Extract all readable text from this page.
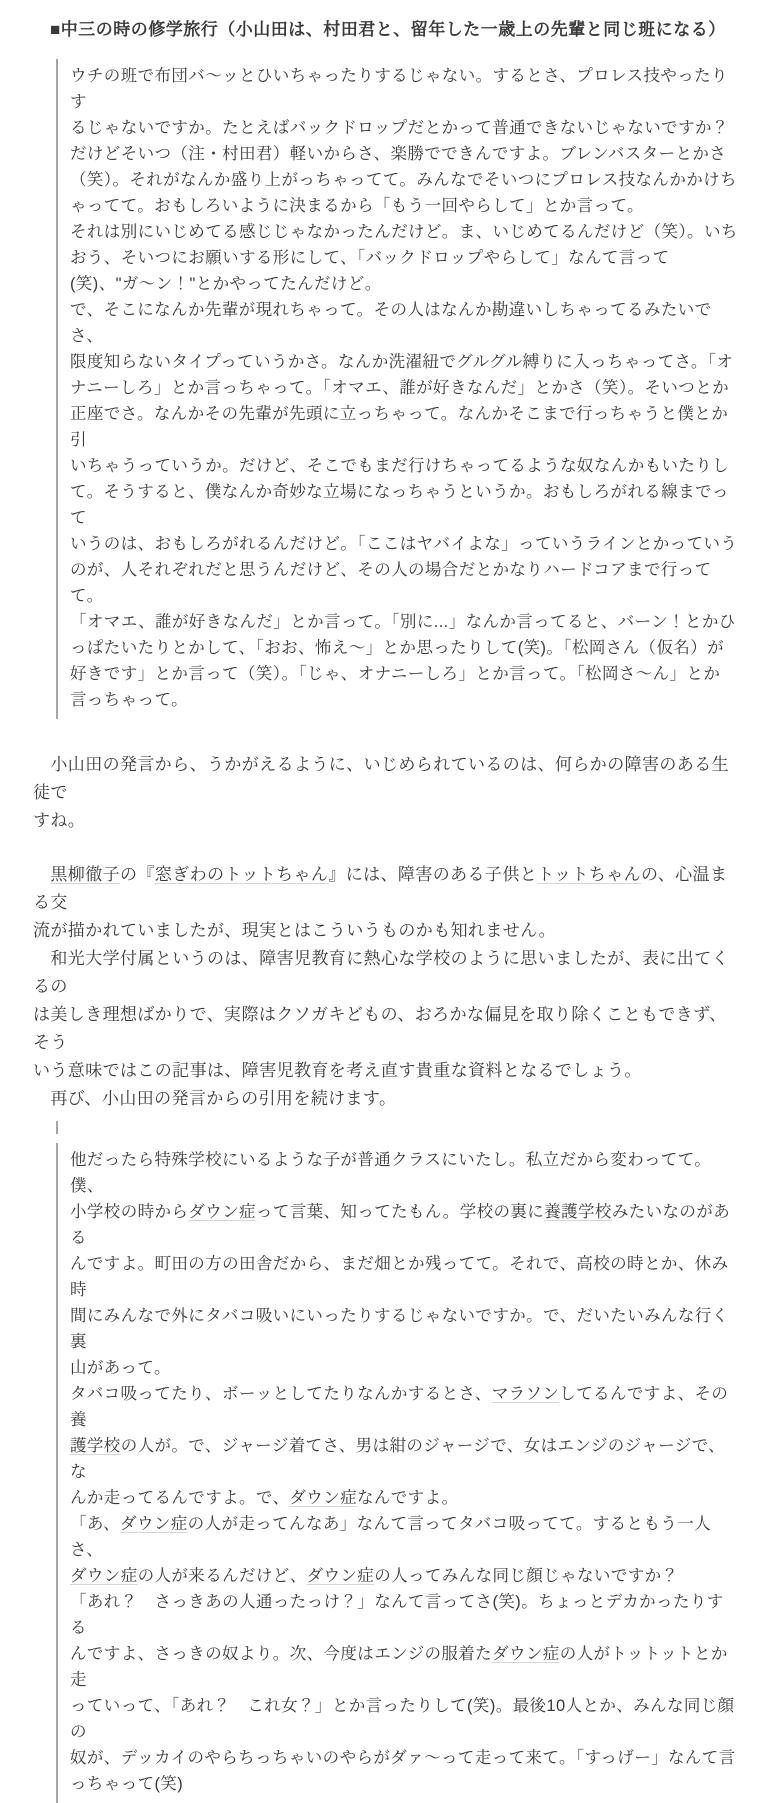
■中三の時の修学旅行（小山田は、村田君と、留年した一歳上の先輩と同じ班になる）
ウチの班で布団バ～ッとひいちゃったりするじゃない。するとさ、プロレス技やったりす
るじゃないですか。たとえばバックドロップだとかって普通できないじゃないですか？
だけどそいつ（注・村田君）軽いからさ、楽勝でできんですよ。ブレンバスターとかさ
（笑）。それがなんか盛り上がっちゃってて。みんなでそいつにプロレス技なんかかけち
ゃってて。おもしろいように決まるから「もう一回やらして」とか言って。
それは別にいじめてる感じじゃなかったんだけど。ま、いじめてるんだけど（笑）。いち
おう、そいつにお願いする形にして、「バックドロップやらして」なんて言って
(笑)、"ガ～ン！"とかやってたんだけど。
で、そこになんか先輩が現れちゃって。その人はなんか勘違いしちゃってるみたいでさ、
限度知らないタイプっていうかさ。なんか洗濯紐でグルグル縛りに入っちゃってさ。「オ
ナニーしろ」とか言っちゃって。「オマエ、誰が好きなんだ」とかさ（笑）。そいつとか
正座でさ。なんかその先輩が先頭に立っちゃって。なんかそこまで行っちゃうと僕とか引
いちゃうっていうか。だけど、そこでもまだ行けちゃってるような奴なんかもいたりし
て。そうすると、僕なんか奇妙な立場になっちゃうというか。おもしろがれる線までって
いうのは、おもしろがれるんだけど。「ここはヤバイよな」っていうラインとかっていう
のが、人それぞれだと思うんだけど、その人の場合だとかなりハードコアまで行ってて。
「オマエ、誰が好きなんだ」とか言って。「別に...」なんか言ってると、バーン！とかひ
っぱたいたりとかして、「おお、怖え～」とか思ったりして(笑)。「松岡さん（仮名）が
好きです」とか言って（笑）。「じゃ、オナニーしろ」とか言って。「松岡さ～ん」とか
言っちゃって。

　小山田の発言から、うかがえるように、いじめられているのは、何らかの障害のある生徒で
すね。

　黒柳徹子の『窓ぎわのトットちゃん』には、障害のある子供とトットちゃんの、心温まる交
流が描かれていましたが、現実とはこういうものかも知れません。

　和光大学付属というのは、障害児教育に熱心な学校のように思いましたが、表に出てくるの
は美しき理想ばかりで、実際はクソガキどもの、おろかな偏見を取り除くこともできず、そう
いう意味ではこの記事は、障害児教育を考え直す貴重な資料となるでしょう。

　再び、小山田の発言からの引用を続けます。

他だったら特殊学校にいるような子が普通クラスにいたし。私立だから変わってて。僕、
小学校の時からダウン症って言葉、知ってたもん。学校の裏に養護学校みたいなのがある
んですよ。町田の方の田舎だから、まだ畑とか残ってて。それで、高校の時とか、休み時
間にみんなで外にタバコ吸いにいったりするじゃないですか。で、だいたいみんな行く裏
山があって。
タバコ吸ってたり、ボーッとしてたりなんかするとさ、マラソンしてるんですよ、その養
護学校の人が。で、ジャージ着てさ、男は紺のジャージで、女はエンジのジャージで、な
んか走ってるんですよ。で、ダウン症なんですよ。
「あ、ダウン症の人が走ってんなあ」なんて言ってタバコ吸ってて。するともう一人さ、
ダウン症の人が来るんだけど、ダウン症の人ってみんな同じ顔じゃないですか？
「あれ？　さっきあの人通ったっけ？」なんて言ってさ(笑)。ちょっとデカかったりする
んですよ、さっきの奴より。次、今度はエンジの服着たダウン症の人がトットットとか走
っていって、「あれ？　これ女？」とか言ったりして(笑)。最後10人とか、みんな同じ顔の
奴が、デッカイのやらちっちゃいのやらがダァ～って走って来て。「すっげー」なんて言
っちゃって(笑)
